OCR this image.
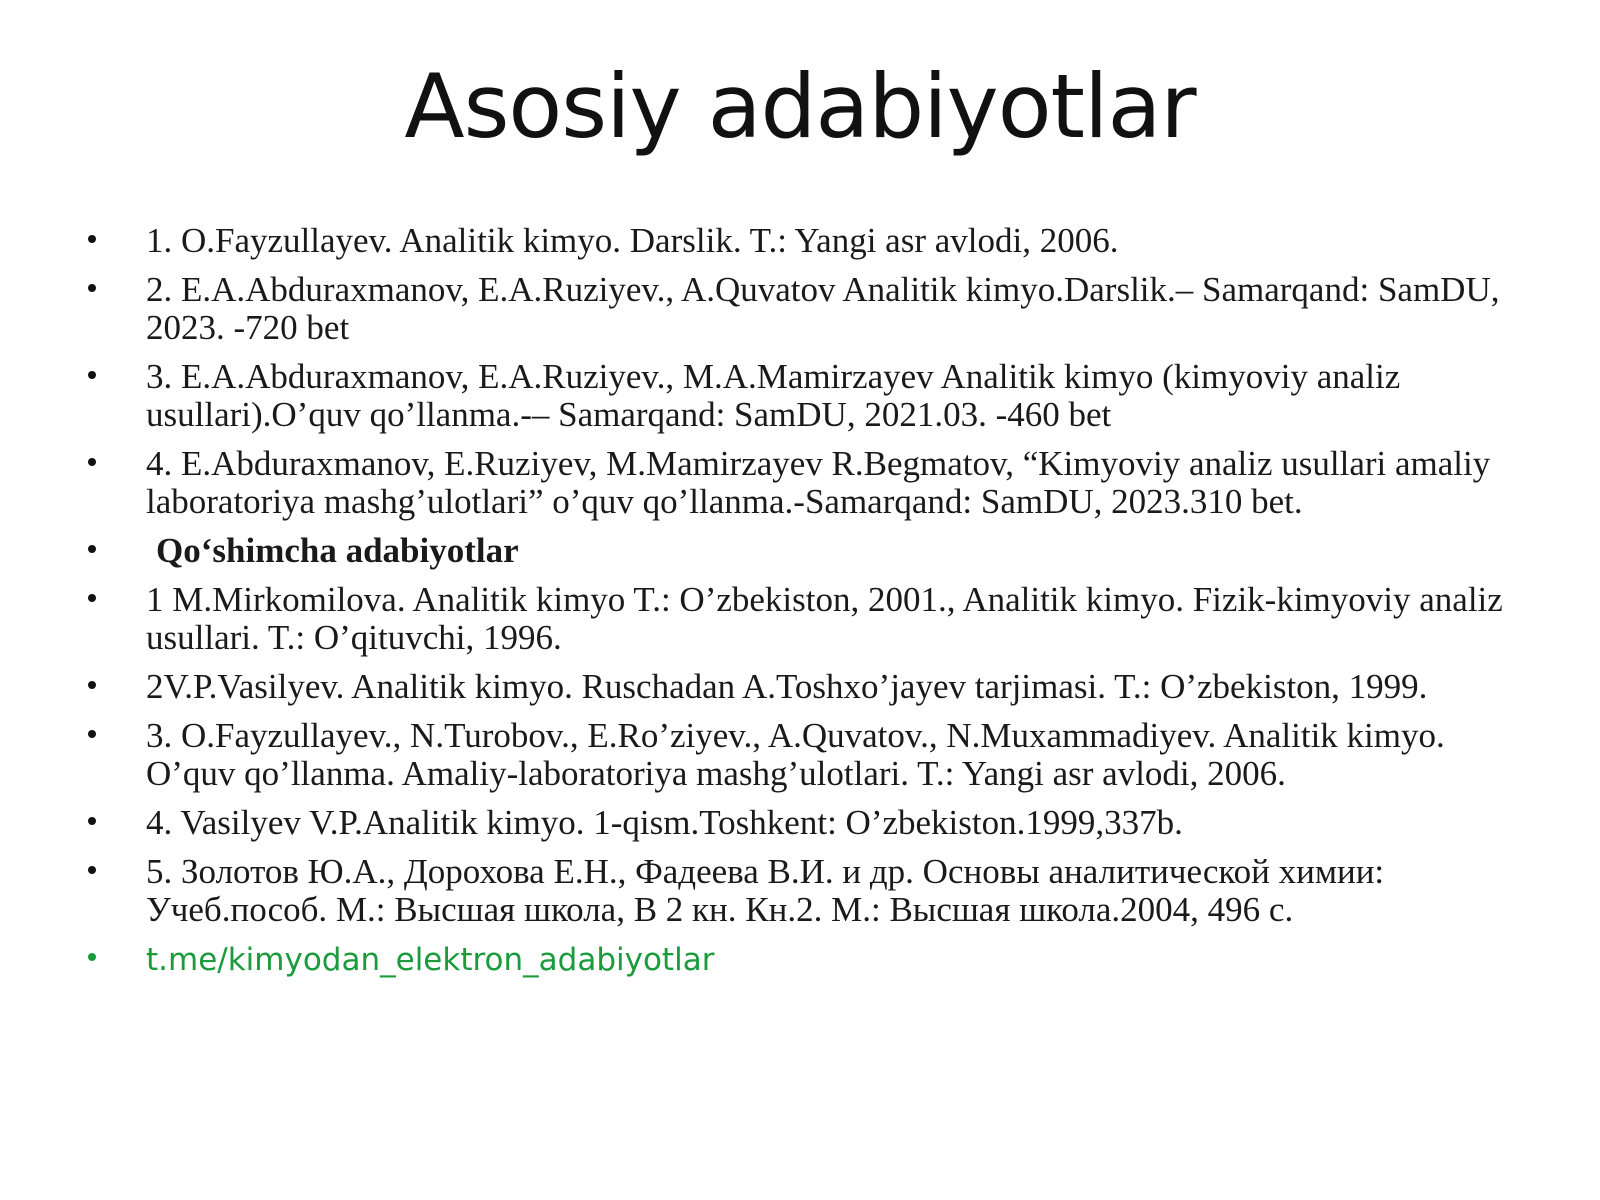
Asosiy adabiyotlar
1. O.Fayzullayev. Analitik kimyo. Darslik. T.: Yangi asr avlodi, 2006.
2. E.A.Abduraxmanov, E.A.Ruziyev., A.Quvatov Analitik kimyo.Darslik.– Samarqand: SamDU, 2023. -720 bet
3. E.A.Abduraxmanov, E.A.Ruziyev., M.A.Mamirzayev Analitik kimyo (kimyoviy analiz usullari).O’quv qo’llanma.-– Samarqand: SamDU, 2021.03. -460 bet
4. E.Abduraxmanov, E.Ruziyev, M.Mamirzayev R.Begmatov, “Kimyoviy analiz usullari amaliy laboratoriya mashg’ulotlari” o’quv qo’llanma.-Samarqand: SamDU, 2023.310 bet.
Qo‘shimcha adabiyotlar
1 M.Mirkomilova. Analitik kimyo T.: O’zbekiston, 2001., Analitik kimyo. Fizik-kimyoviy analiz usullari. T.: O’qituvchi, 1996.
2V.P.Vasilyev. Analitik kimyo. Ruschadan A.Toshxo’jayev tarjimasi. T.: O’zbekiston, 1999.
3. O.Fayzullayev., N.Turobov., E.Ro’ziyev., A.Quvatov., N.Muxammadiyev. Analitik kimyo. O’quv qo’llanma. Amaliy-laboratoriya mashg’ulotlari. T.: Yangi asr avlodi, 2006.
4. Vasilyev V.P.Analitik kimyo. 1-qism.Toshkent: O’zbekiston.1999,337b.
5. Золотов Ю.А., Дорохова Е.Н., Фадеева В.И. и др. Основы аналитической химии: Учеб.пособ. М.: Высшая школа, В 2 кн. Кн.2. М.: Высшая школа.2004, 496 с.
t.me/kimyodan_elektron_adabiyotlar
